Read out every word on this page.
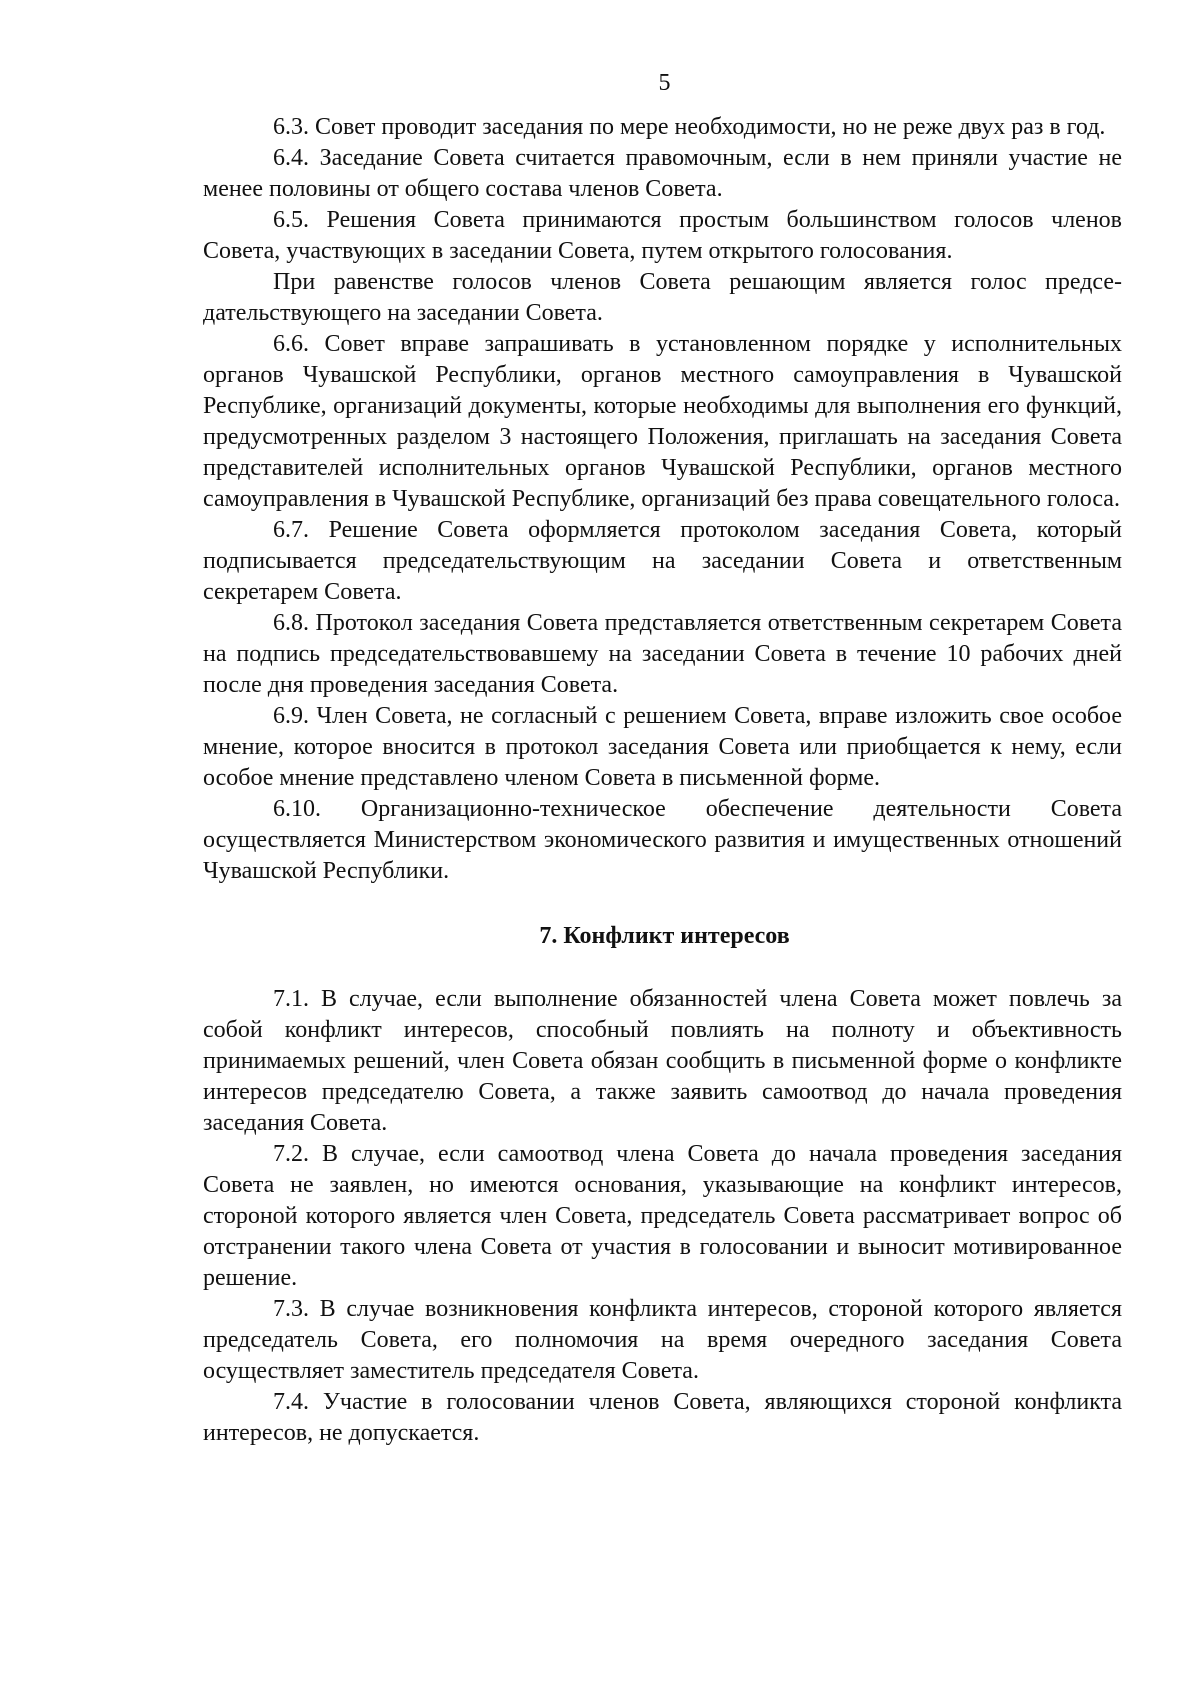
5

6.3. Совет проводит заседания по мере необходимости, но не реже двух раз в год.

6.4. Заседание Совета считается правомочным, если в нем приняли участие не менее половины от общего состава членов Совета.

6.5. Решения Совета принимаются простым большинством голосов членов Совета, участвующих в заседании Совета, путем открытого голосования.

При равенстве голосов членов Совета решающим является голос председательствующего на заседании Совета.

6.6. Совет вправе запрашивать в установленном порядке у исполнительных органов Чувашской Республики, органов местного самоуправления в Чувашской Республике, организаций документы, которые необходимы для выполнения его функций, предусмотренных разделом 3 настоящего Положения, приглашать на заседания Совета представителей исполнительных органов Чувашской Республики, органов местного самоуправления в Чувашской Республике, организаций без права совещательного голоса.

6.7. Решение Совета оформляется протоколом заседания Совета, который подписывается председательствующим на заседании Совета и ответственным секретарем Совета.

6.8. Протокол заседания Совета представляется ответственным секретарем Совета на подпись председательствовавшему на заседании Совета в течение 10 рабочих дней после дня проведения заседания Совета.

6.9. Член Совета, не согласный с решением Совета, вправе изложить свое особое мнение, которое вносится в протокол заседания Совета или приобщается к нему, если особое мнение представлено членом Совета в письменной форме.

6.10. Организационно-техническое обеспечение деятельности Совета осуществляется Министерством экономического развития и имущественных отношений Чувашской Республики.

7. Конфликт интересов

7.1. В случае, если выполнение обязанностей члена Совета может повлечь за собой конфликт интересов, способный повлиять на полноту и объективность принимаемых решений, член Совета обязан сообщить в письменной форме о конфликте интересов председателю Совета, а также заявить самоотвод до начала проведения заседания Совета.

7.2. В случае, если самоотвод члена Совета до начала проведения заседания Совета не заявлен, но имеются основания, указывающие на конфликт интересов, стороной которого является член Совета, председатель Совета рассматривает вопрос об отстранении такого члена Совета от участия в голосовании и выносит мотивированное решение.

7.3. В случае возникновения конфликта интересов, стороной которого является председатель Совета, его полномочия на время очередного заседания Совета осуществляет заместитель председателя Совета.

7.4. Участие в голосовании членов Совета, являющихся стороной конфликта интересов, не допускается.
